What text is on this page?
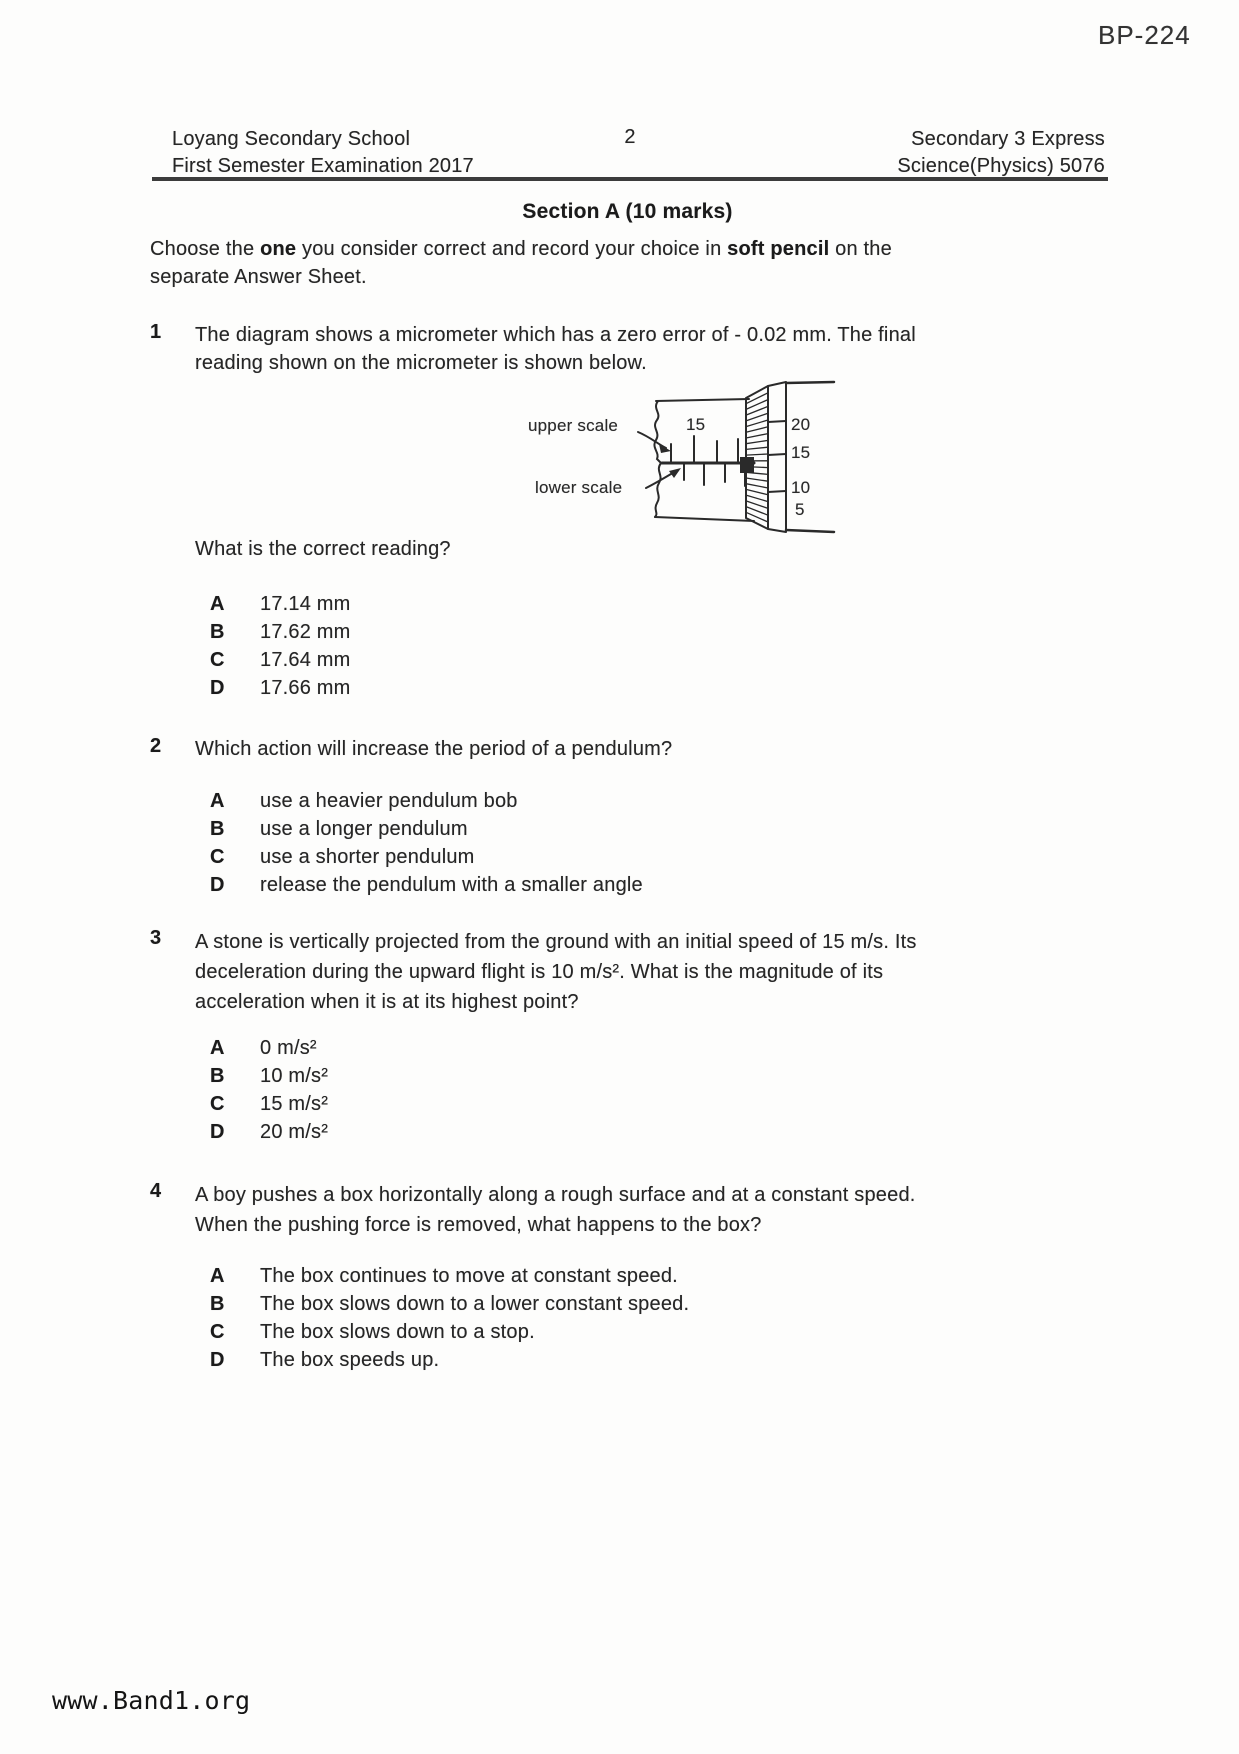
BP-224
Loyang Secondary School
First Semester Examination 2017
2	Secondary 3 Express
Science(Physics) 5076
Section A (10 marks)
Choose the one you consider correct and record your choice in soft pencil on the
separate Answer Sheet.
1 The diagram shows a micrometer which has a zero error of - 0.02 mm. The final
reading shown on the micrometer is shown below.
15
upper scale
lower scale
20
15
10
5
What is the correct reading?
A 17.14 mm
B 17.62 mm
C 17.64 mm
D 17.66 mm
2 Which action will increase the period of a pendulum?
A use a heavier pendulum bob
B use a longer pendulum
C use a shorter pendulum
D release the pendulum with a smaller angle
3 A stone is vertically projected from the ground with an initial speed of 15 m/s. Its
deceleration during the upward flight is 10 m/s². What is the magnitude of its
acceleration when it is at its highest point?
A 0 m/s²
B 10 m/s²
C 15 m/s²
D 20 m/s²
4 A boy pushes a box horizontally along a rough surface and at a constant speed.
When the pushing force is removed, what happens to the box?
A The box continues to move at constant speed.
B The box slows down to a lower constant speed.
C The box slows down to a stop.
D The box speeds up.
www.Band1.org
